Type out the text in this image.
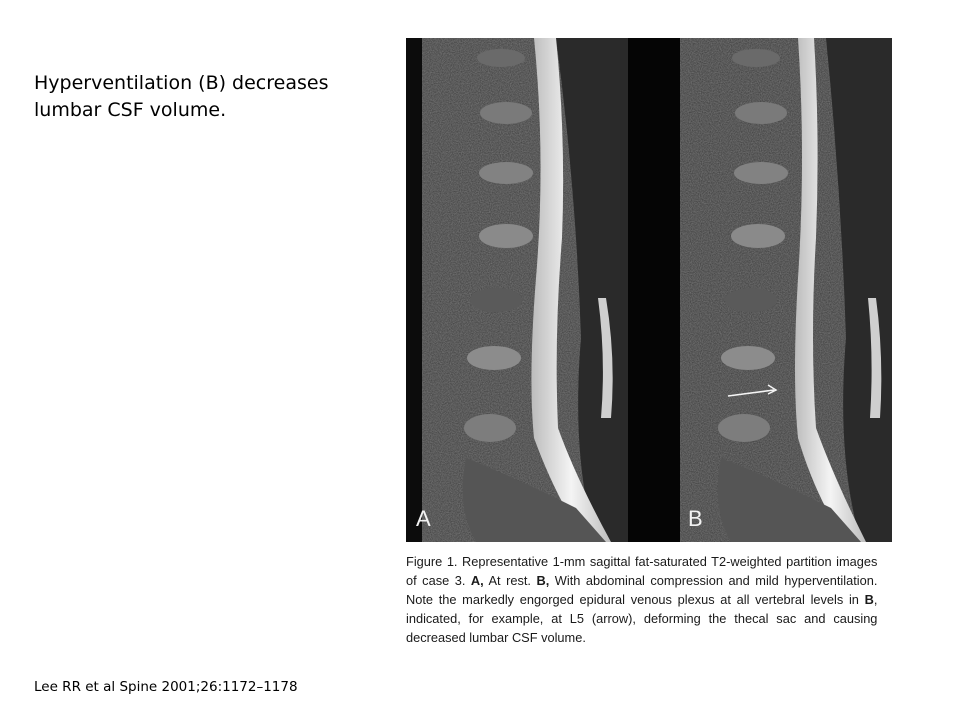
Hyperventilation (B) decreases lumbar CSF volume.
A	B
Figure 1. Representative 1-mm sagittal fat-saturated T2-weighted partition images of case 3. A, At rest. B, With abdominal compression and mild hyperventilation. Note the markedly engorged epidural venous plexus at all vertebral levels in B, indicated, for example, at L5 (arrow), deforming the thecal sac and causing decreased lumbar CSF volume.
Lee RR et al Spine 2001;26:1172–1178
